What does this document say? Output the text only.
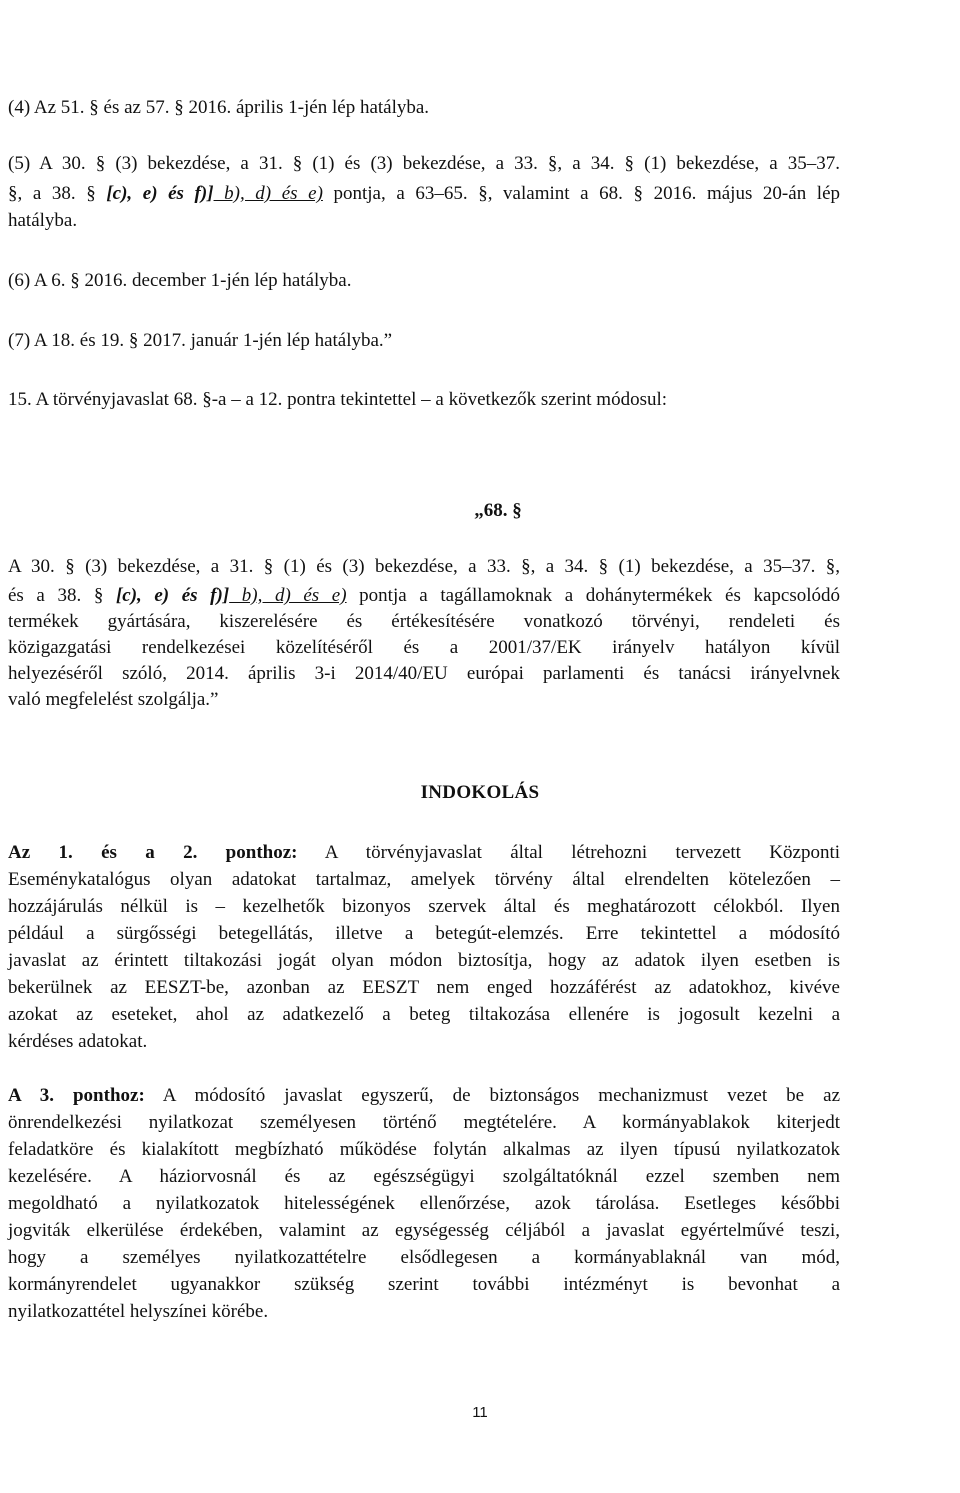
(4) Az 51. § és az 57. § 2016. április 1-jén lép hatályba.
(5) A 30. § (3) bekezdése, a 31. § (1) és (3) bekezdése, a 33. §, a 34. § (1) bekezdése, a 35–37.
§, a 38. § [c), e) és f)] b), d) és e) pontja, a 63–65. §, valamint a 68. § 2016. május 20-án lép
hatályba.
(6) A 6. § 2016. december 1-jén lép hatályba.
(7) A 18. és 19. § 2017. január 1-jén lép hatályba.”
15. A törvényjavaslat 68. §-a – a 12. pontra tekintettel – a következők szerint módosul:
„68. §
A 30. § (3) bekezdése, a 31. § (1) és (3) bekezdése, a 33. §, a 34. § (1) bekezdése, a 35–37. §,
és a 38. § [c), e) és f)] b), d) és e) pontja a tagállamoknak a dohánytermékek és kapcsolódó
termékek gyártására, kiszerelésére és értékesítésére vonatkozó törvényi, rendeleti és
közigazgatási rendelkezései közelítéséről és a 2001/37/EK irányelv hatályon kívül
helyezéséről szóló, 2014. április 3-i 2014/40/EU európai parlamenti és tanácsi irányelvnek
való megfelelést szolgálja.”
INDOKOLÁS
Az 1. és a 2. ponthoz: A törvényjavaslat által létrehozni tervezett Központi
Eseménykatalógus olyan adatokat tartalmaz, amelyek törvény által elrendelten kötelezően –
hozzájárulás nélkül is – kezelhetők bizonyos szervek által és meghatározott célokból. Ilyen
például a sürgősségi betegellátás, illetve a betegút-elemzés. Erre tekintettel a módosító
javaslat az érintett tiltakozási jogát olyan módon biztosítja, hogy az adatok ilyen esetben is
bekerülnek az EESZT-be, azonban az EESZT nem enged hozzáférést az adatokhoz, kivéve
azokat az eseteket, ahol az adatkezelő a beteg tiltakozása ellenére is jogosult kezelni a
kérdéses adatokat.
A 3. ponthoz: A módosító javaslat egyszerű, de biztonságos mechanizmust vezet be az
önrendelkezési nyilatkozat személyesen történő megtételére. A kormányablakok kiterjedt
feladatköre és kialakított megbízható működése folytán alkalmas az ilyen típusú nyilatkozatok
kezelésére. A háziorvosnál és az egészségügyi szolgáltatóknál ezzel szemben nem
megoldható a nyilatkozatok hitelességének ellenőrzése, azok tárolása. Esetleges későbbi
jogviták elkerülése érdekében, valamint az egységesség céljából a javaslat egyértelművé teszi,
hogy a személyes nyilatkozattételre elsődlegesen a kormányablaknál van mód,
kormányrendelet ugyanakkor szükség szerint további intézményt is bevonhat a
nyilatkozattétel helyszínei körébe.
11
